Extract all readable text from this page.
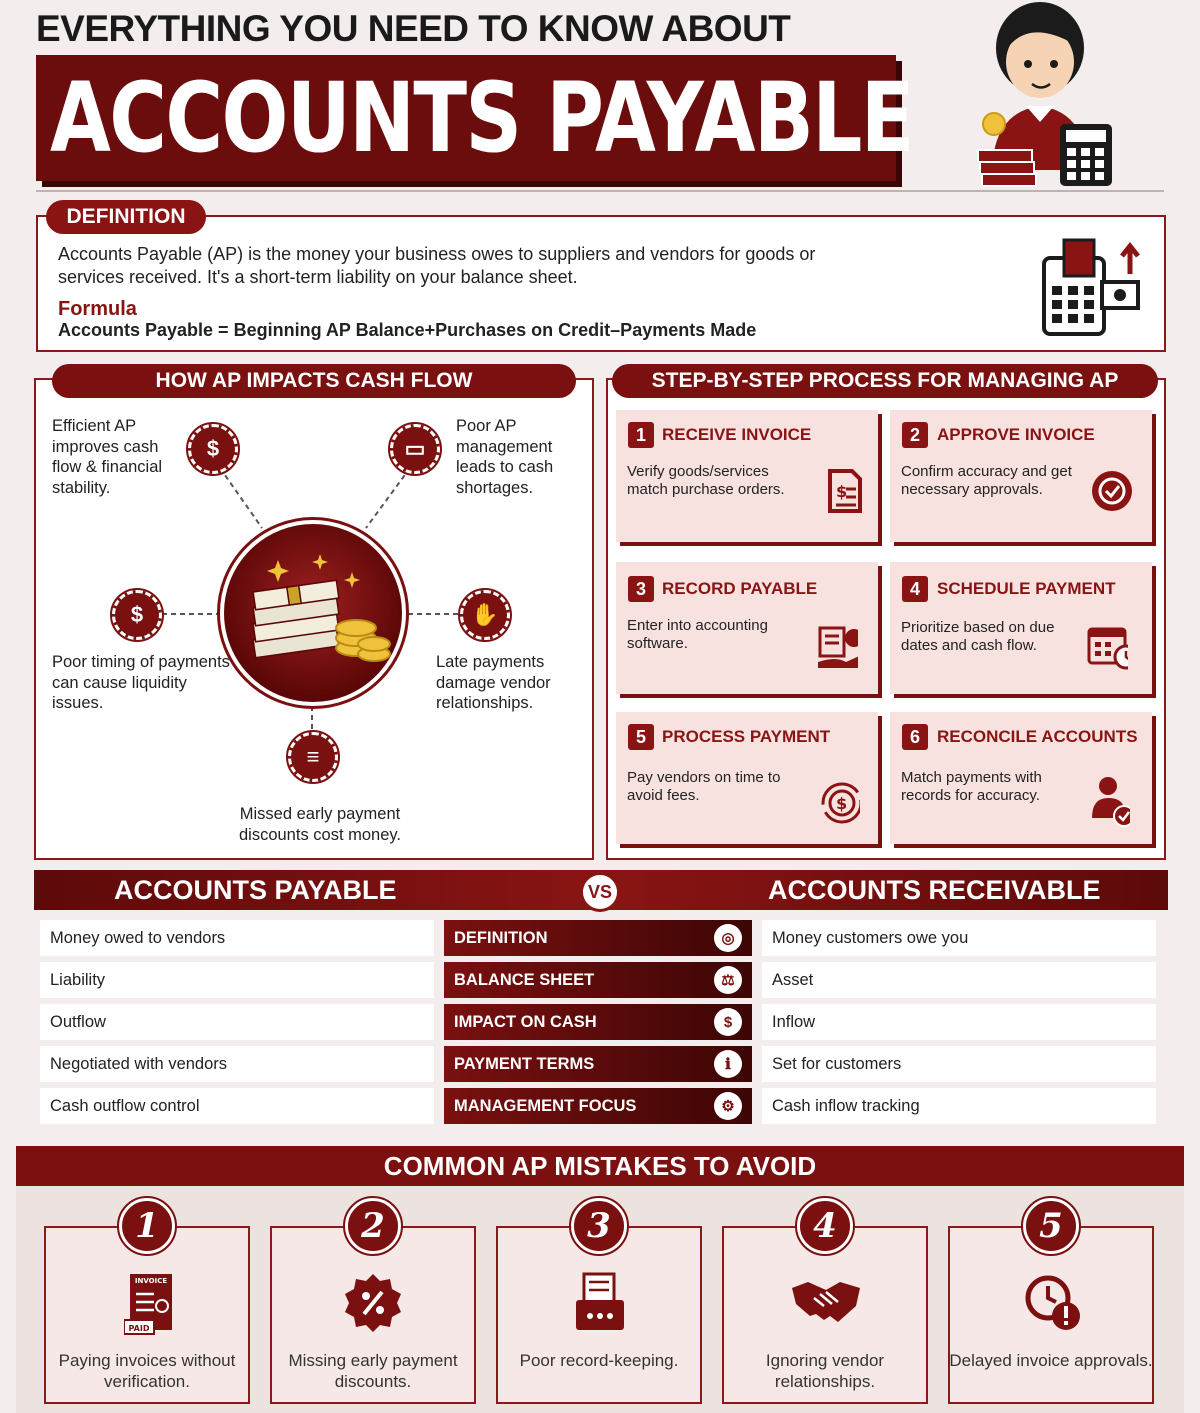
EVERYTHING YOU NEED TO KNOW ABOUT
ACCOUNTS PAYABLE
DEFINITION
Accounts Payable (AP) is the money your business owes to suppliers and vendors for goods or services received. It's a short-term liability on your balance sheet.
Formula
Accounts Payable = Beginning AP Balance+Purchases on Credit–Payments Made
HOW AP IMPACTS CASH FLOW
Efficient AP improves cash flow & financial stability.
Poor AP management leads to cash shortages.
Poor timing of payments can cause liquidity issues.
Late payments damage vendor relationships.
Missed early payment discounts cost money.
$	▭
$	✋
≡
STEP-BY-STEP PROCESS FOR MANAGING AP
1 RECEIVE INVOICE
Verify goods/services match purchase orders.	$
2	APPROVE INVOICE
Confirm accuracy and get necessary approvals.
3 RECORD PAYABLE
Enter into accounting software.
4	SCHEDULE PAYMENT
Prioritize based on due dates and cash flow.
5 PROCESS PAYMENT
Pay vendors on time to avoid fees.	$
6	RECONCILE ACCOUNTS
Match payments with records for accuracy.
ACCOUNTS PAYABLE	ACCOUNTS RECEIVABLE
VS
Money owed to vendors	DEFINITION	◎	Money customers owe you
Liability	BALANCE SHEET	⚖	Asset
Outflow	IMPACT ON CASH	$	Inflow
Negotiated with vendors	PAYMENT TERMS	ℹ	Set for customers
Cash outflow control	MANAGEMENT FOCUS	⚙	Cash inflow tracking
COMMON AP MISTAKES TO AVOID
1
INVOICE
PAID
Paying invoices without verification.
2
Missing early payment discounts.
3
Poor record-keeping.
4
Ignoring vendor relationships.
5
Delayed invoice approvals.
